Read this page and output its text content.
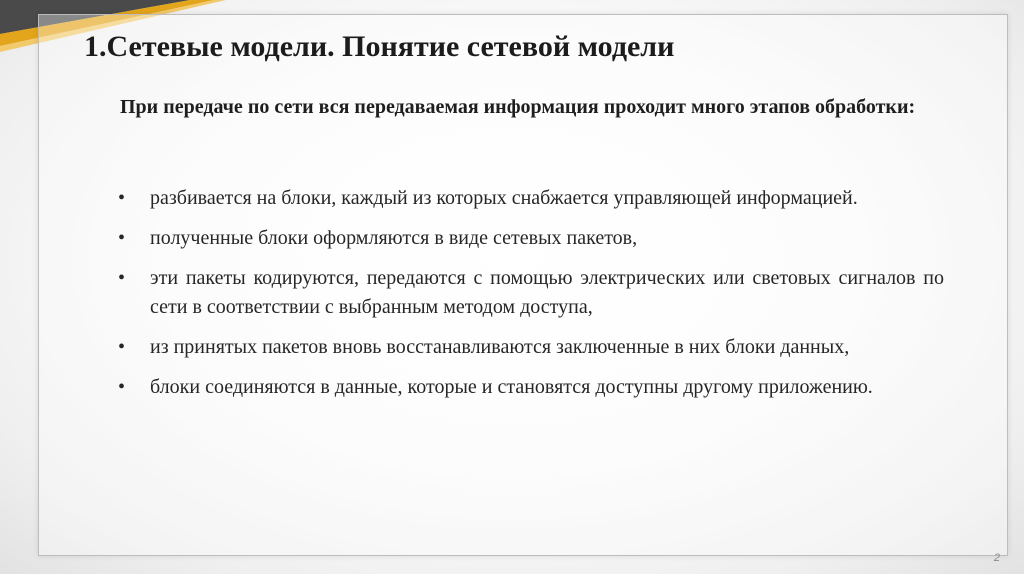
1.Сетевые модели. Понятие сетевой модели

При передаче по сети вся передаваемая информация проходит много этапов обработки:

•	разбивается на блоки, каждый из которых снабжается управляющей информацией.
•	полученные блоки оформляются в виде сетевых пакетов,
•	эти пакеты кодируются, передаются с помощью электрических или световых сигналов по сети в соответствии с выбранным методом доступа,
•	из принятых пакетов вновь восстанавливаются заключенные в них блоки данных,
•	блоки соединяются в данные, которые и становятся доступны другому приложению.
2
